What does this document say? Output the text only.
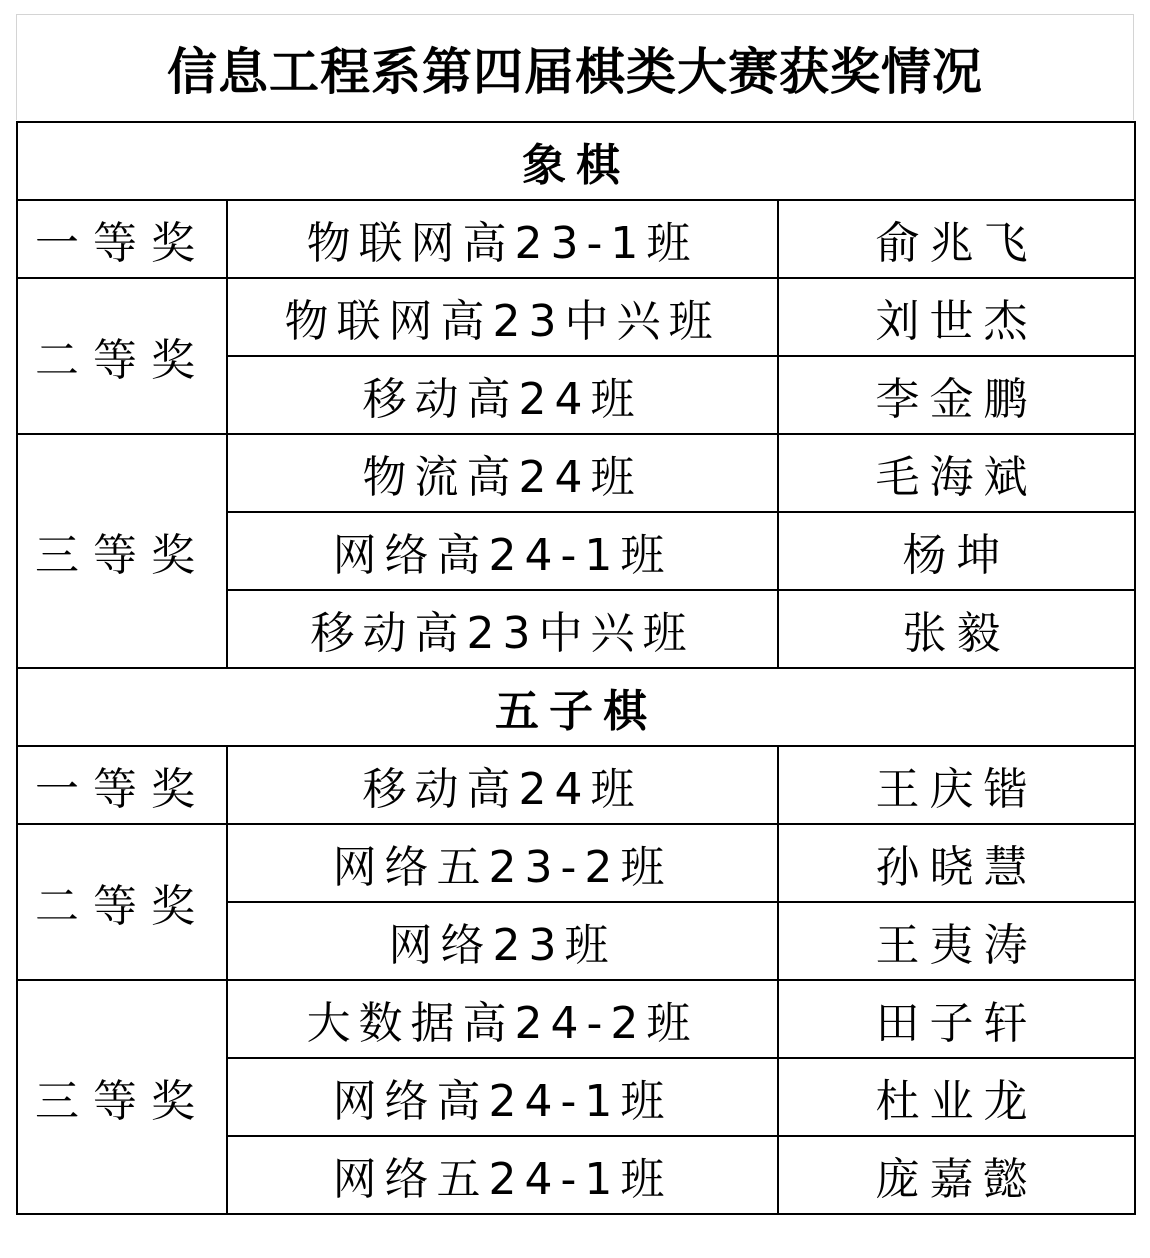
信息工程系第四届棋类大赛获奖情况
象棋		
一等奖	物联网高23-1班	俞兆飞
二等奖	物联网高23中兴班	刘世杰
	移动高24班	李金鹏
三等奖	物流高24班	毛海斌
	网络高24-1班	杨坤
	移动高23中兴班	张毅
五子棋		
一等奖	移动高24班	王庆锴
二等奖	网络五23-2班	孙晓慧
	网络23班	王夷涛
三等奖	大数据高24-2班	田子轩
	网络高24-1班	杜业龙
	网络五24-1班	庞嘉懿
